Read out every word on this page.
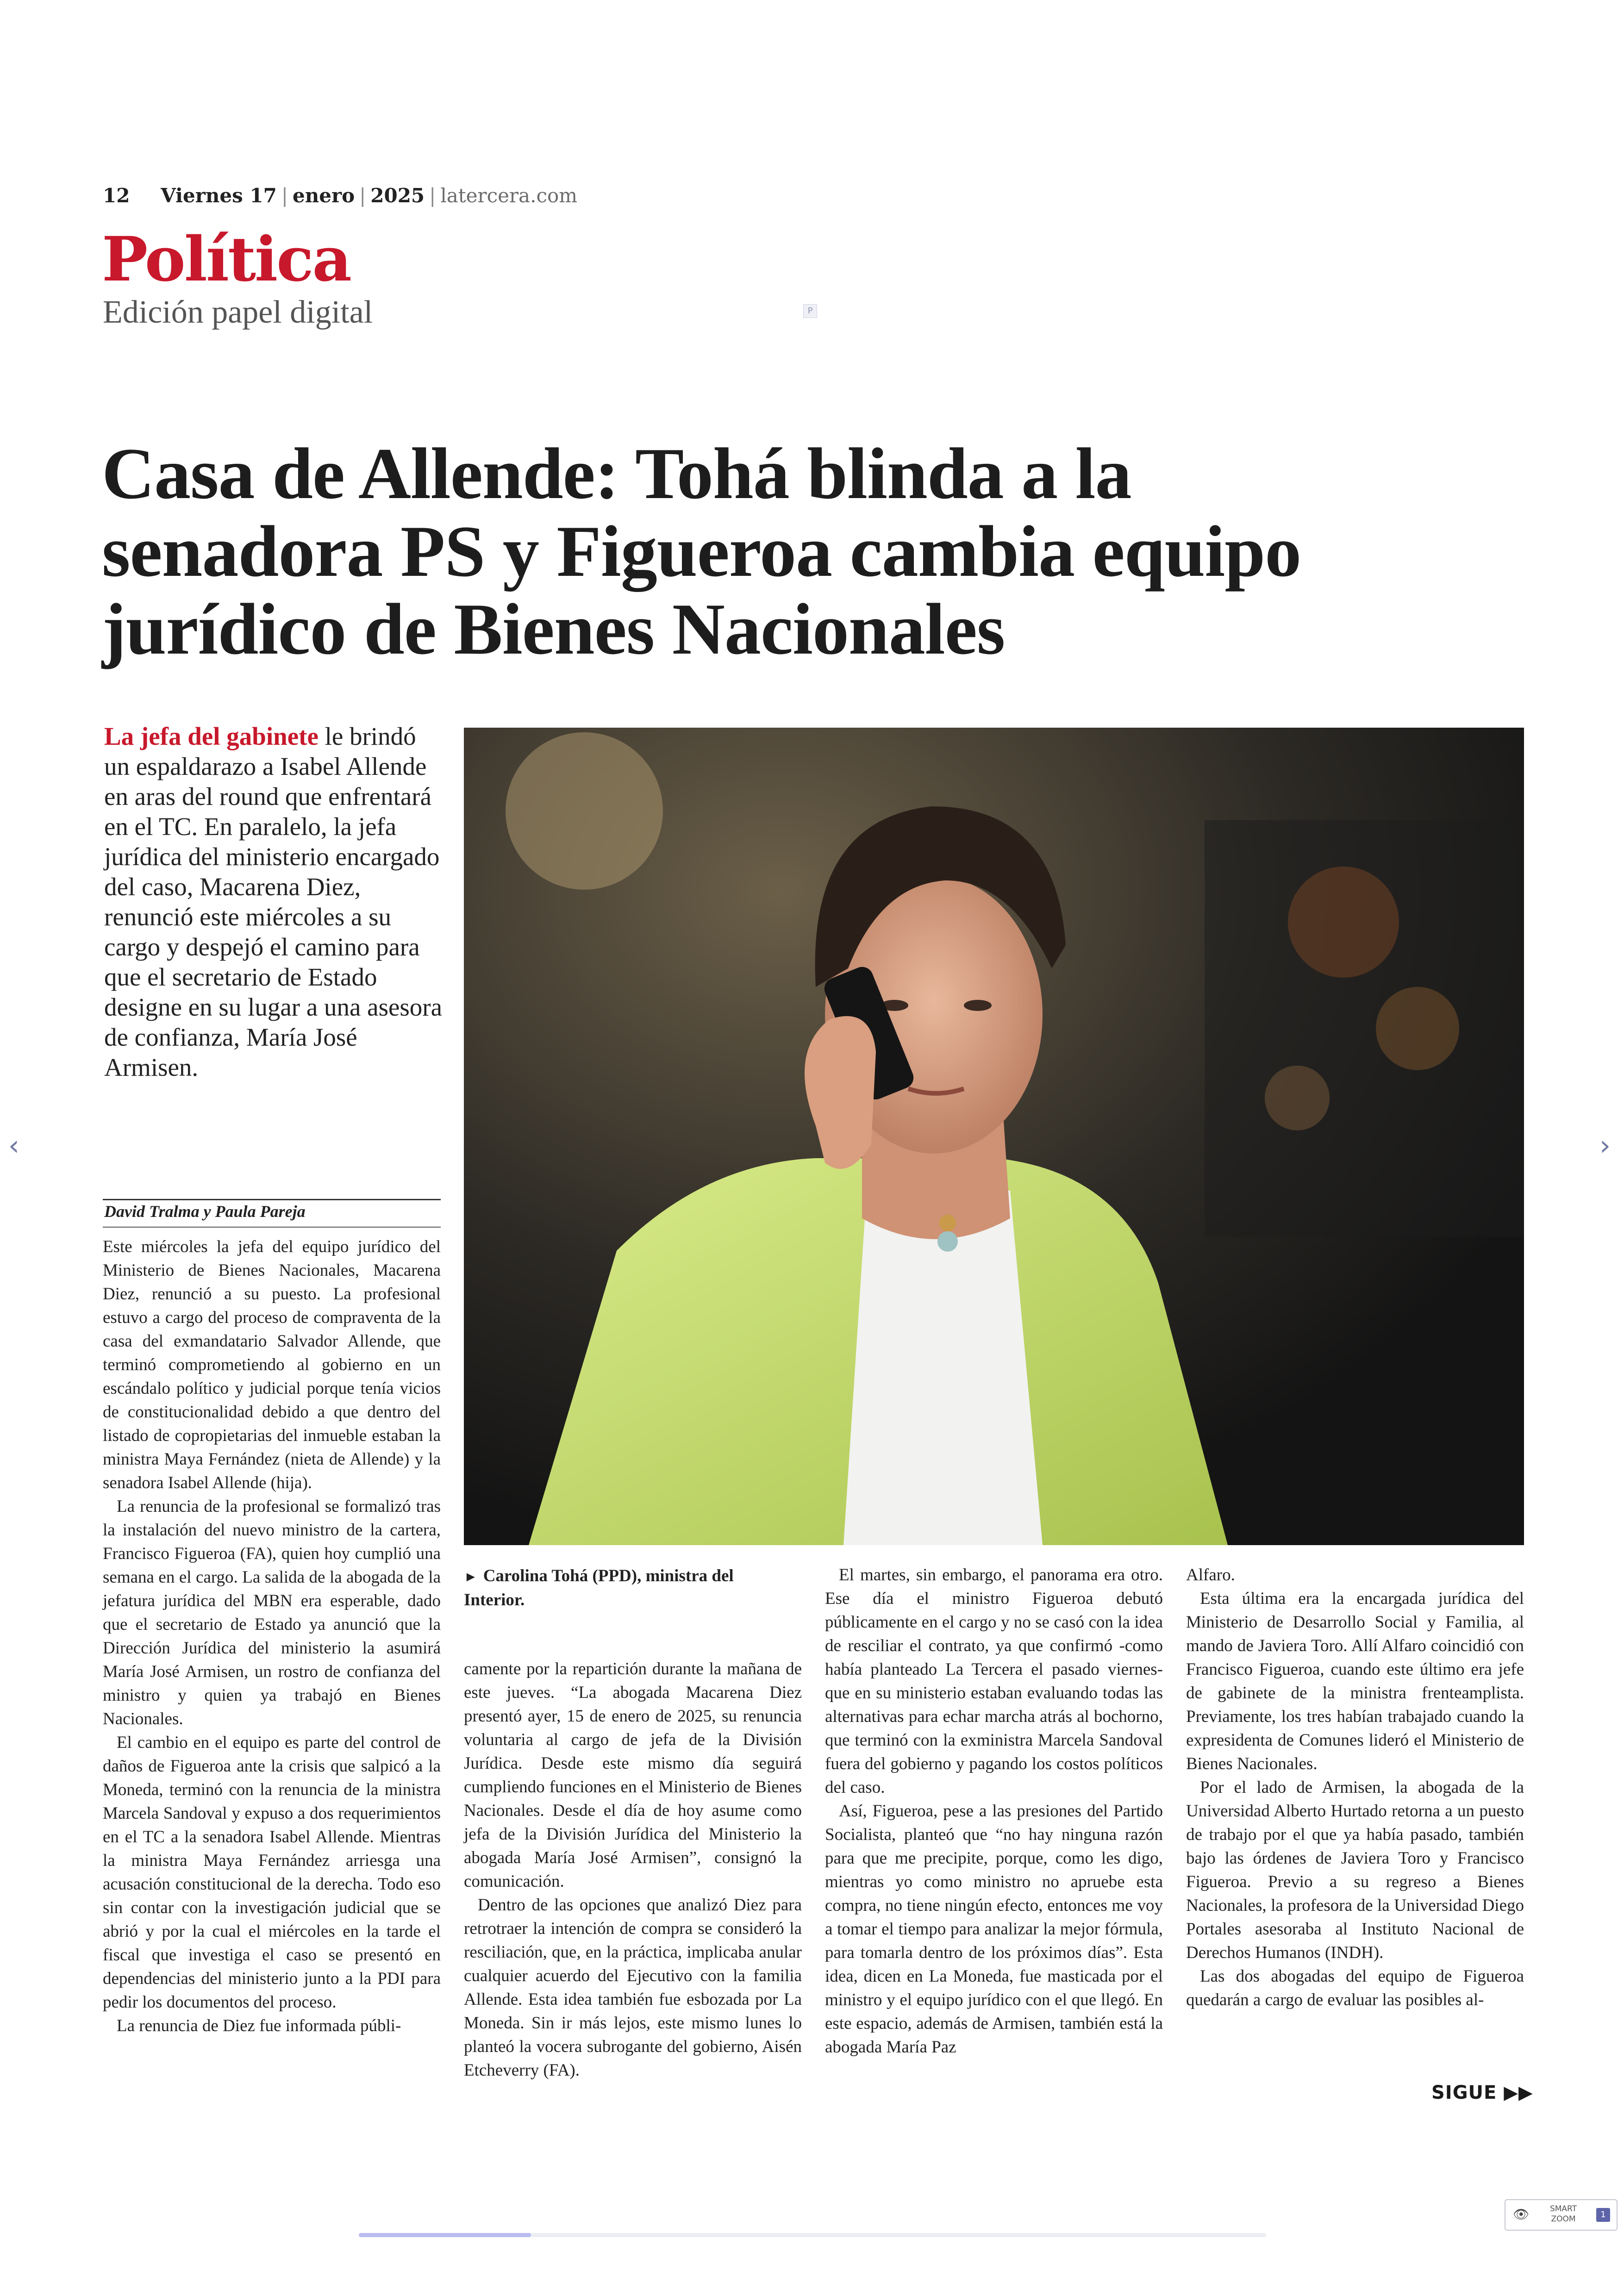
12 Viernes 17 | enero | 2025 | latercera.com
Política
Edición papel digital	P
Casa de Allende: Tohá blinda a la senadora PS y Figueroa cambia equipo jurídico de Bienes Nacionales
La jefa del gabinete le brindó un espaldarazo a Isabel Allende en aras del round que enfrentará en el TC. En paralelo, la jefa jurídica del ministerio encargado del caso, Macarena Diez, renunció este miércoles a su cargo y despejó el camino para que el secretario de Estado designe en su lugar a una asesora de confianza, María José Armisen.
David Tralma y Paula Pareja
► Carolina Tohá (PPD), ministra del Interior.

Este miércoles la jefa del equipo jurídico del Ministerio de Bienes Nacionales, Macarena Diez, renunció a su puesto. La profesional estuvo a cargo del proceso de compraventa de la casa del exmandatario Salvador Allende, que terminó comprometiendo al gobierno en un escándalo político y judicial porque tenía vicios de constitucionalidad debido a que dentro del listado de copropietarias del inmueble estaban la ministra Maya Fernández (nieta de Allende) y la senadora Isabel Allende (hija).

La renuncia de la profesional se formalizó tras la instalación del nuevo ministro de la cartera, Francisco Figueroa (FA), quien hoy cumplió una semana en el cargo. La salida de la abogada de la jefatura jurídica del MBN era esperable, dado que el secretario de Estado ya anunció que la Dirección Jurídica del ministerio la asumirá María José Armisen, un rostro de confianza del ministro y quien ya trabajó en Bienes Nacionales.

El cambio en el equipo es parte del control de daños de Figueroa ante la crisis que salpicó a la Moneda, terminó con la renuncia de la ministra Marcela Sandoval y expuso a dos requerimientos en el TC a la senadora Isabel Allende. Mientras la ministra Maya Fernández arriesga una acusación constitucional de la derecha. Todo eso sin contar con la investigación judicial que se abrió y por la cual el miércoles en la tarde el fiscal que investiga el caso se presentó en dependencias del ministerio junto a la PDI para pedir los documentos del proceso.

La renuncia de Diez fue informada públi-

camente por la repartición durante la mañana de este jueves. “La abogada Macarena Diez presentó ayer, 15 de enero de 2025, su renuncia voluntaria al cargo de jefa de la División Jurídica. Desde este mismo día seguirá cumpliendo funciones en el Ministerio de Bienes Nacionales. Desde el día de hoy asume como jefa de la División Jurídica del Ministerio la abogada María José Armisen”, consignó la comunicación.

Dentro de las opciones que analizó Diez para retrotraer la intención de compra se consideró la resciliación, que, en la práctica, implicaba anular cualquier acuerdo del Ejecutivo con la familia Allende. Esta idea también fue esbozada por La Moneda. Sin ir más lejos, este mismo lunes lo planteó la vocera subrogante del gobierno, Aisén Etcheverry (FA).

El martes, sin embargo, el panorama era otro. Ese día el ministro Figueroa debutó públicamente en el cargo y no se casó con la idea de resciliar el contrato, ya que confirmó -como había planteado La Tercera el pasado viernes- que en su ministerio estaban evaluando todas las alternativas para echar marcha atrás al bochorno, que terminó con la exministra Marcela Sandoval fuera del gobierno y pagando los costos políticos del caso.

Así, Figueroa, pese a las presiones del Partido Socialista, planteó que “no hay ninguna razón para que me precipite, porque, como les digo, mientras yo como ministro no apruebe esta compra, no tiene ningún efecto, entonces me voy a tomar el tiempo para analizar la mejor fórmula, para tomarla dentro de los próximos días”. Esta idea, dicen en La Moneda, fue masticada por el ministro y el equipo jurídico con el que llegó. En este espacio, además de Armisen, también está la abogada María Paz

Alfaro.

Esta última era la encargada jurídica del Ministerio de Desarrollo Social y Familia, al mando de Javiera Toro. Allí Alfaro coincidió con Francisco Figueroa, cuando este último era jefe de gabinete de la ministra frenteamplista. Previamente, los tres habían trabajado cuando la expresidenta de Comunes lideró el Ministerio de Bienes Nacionales.

Por el lado de Armisen, la abogada de la Universidad Alberto Hurtado retorna a un puesto de trabajo por el que ya había pasado, también bajo las órdenes de Javiera Toro y Francisco Figueroa. Previo a su regreso a Bienes Nacionales, la profesora de la Universidad Diego Portales asesoraba al Instituto Nacional de Derechos Humanos (INDH).

Las dos abogadas del equipo de Figueroa quedarán a cargo de evaluar las posibles al-

SIGUE ▶▶
‹	›
👁	SMART
ZOOM	1
